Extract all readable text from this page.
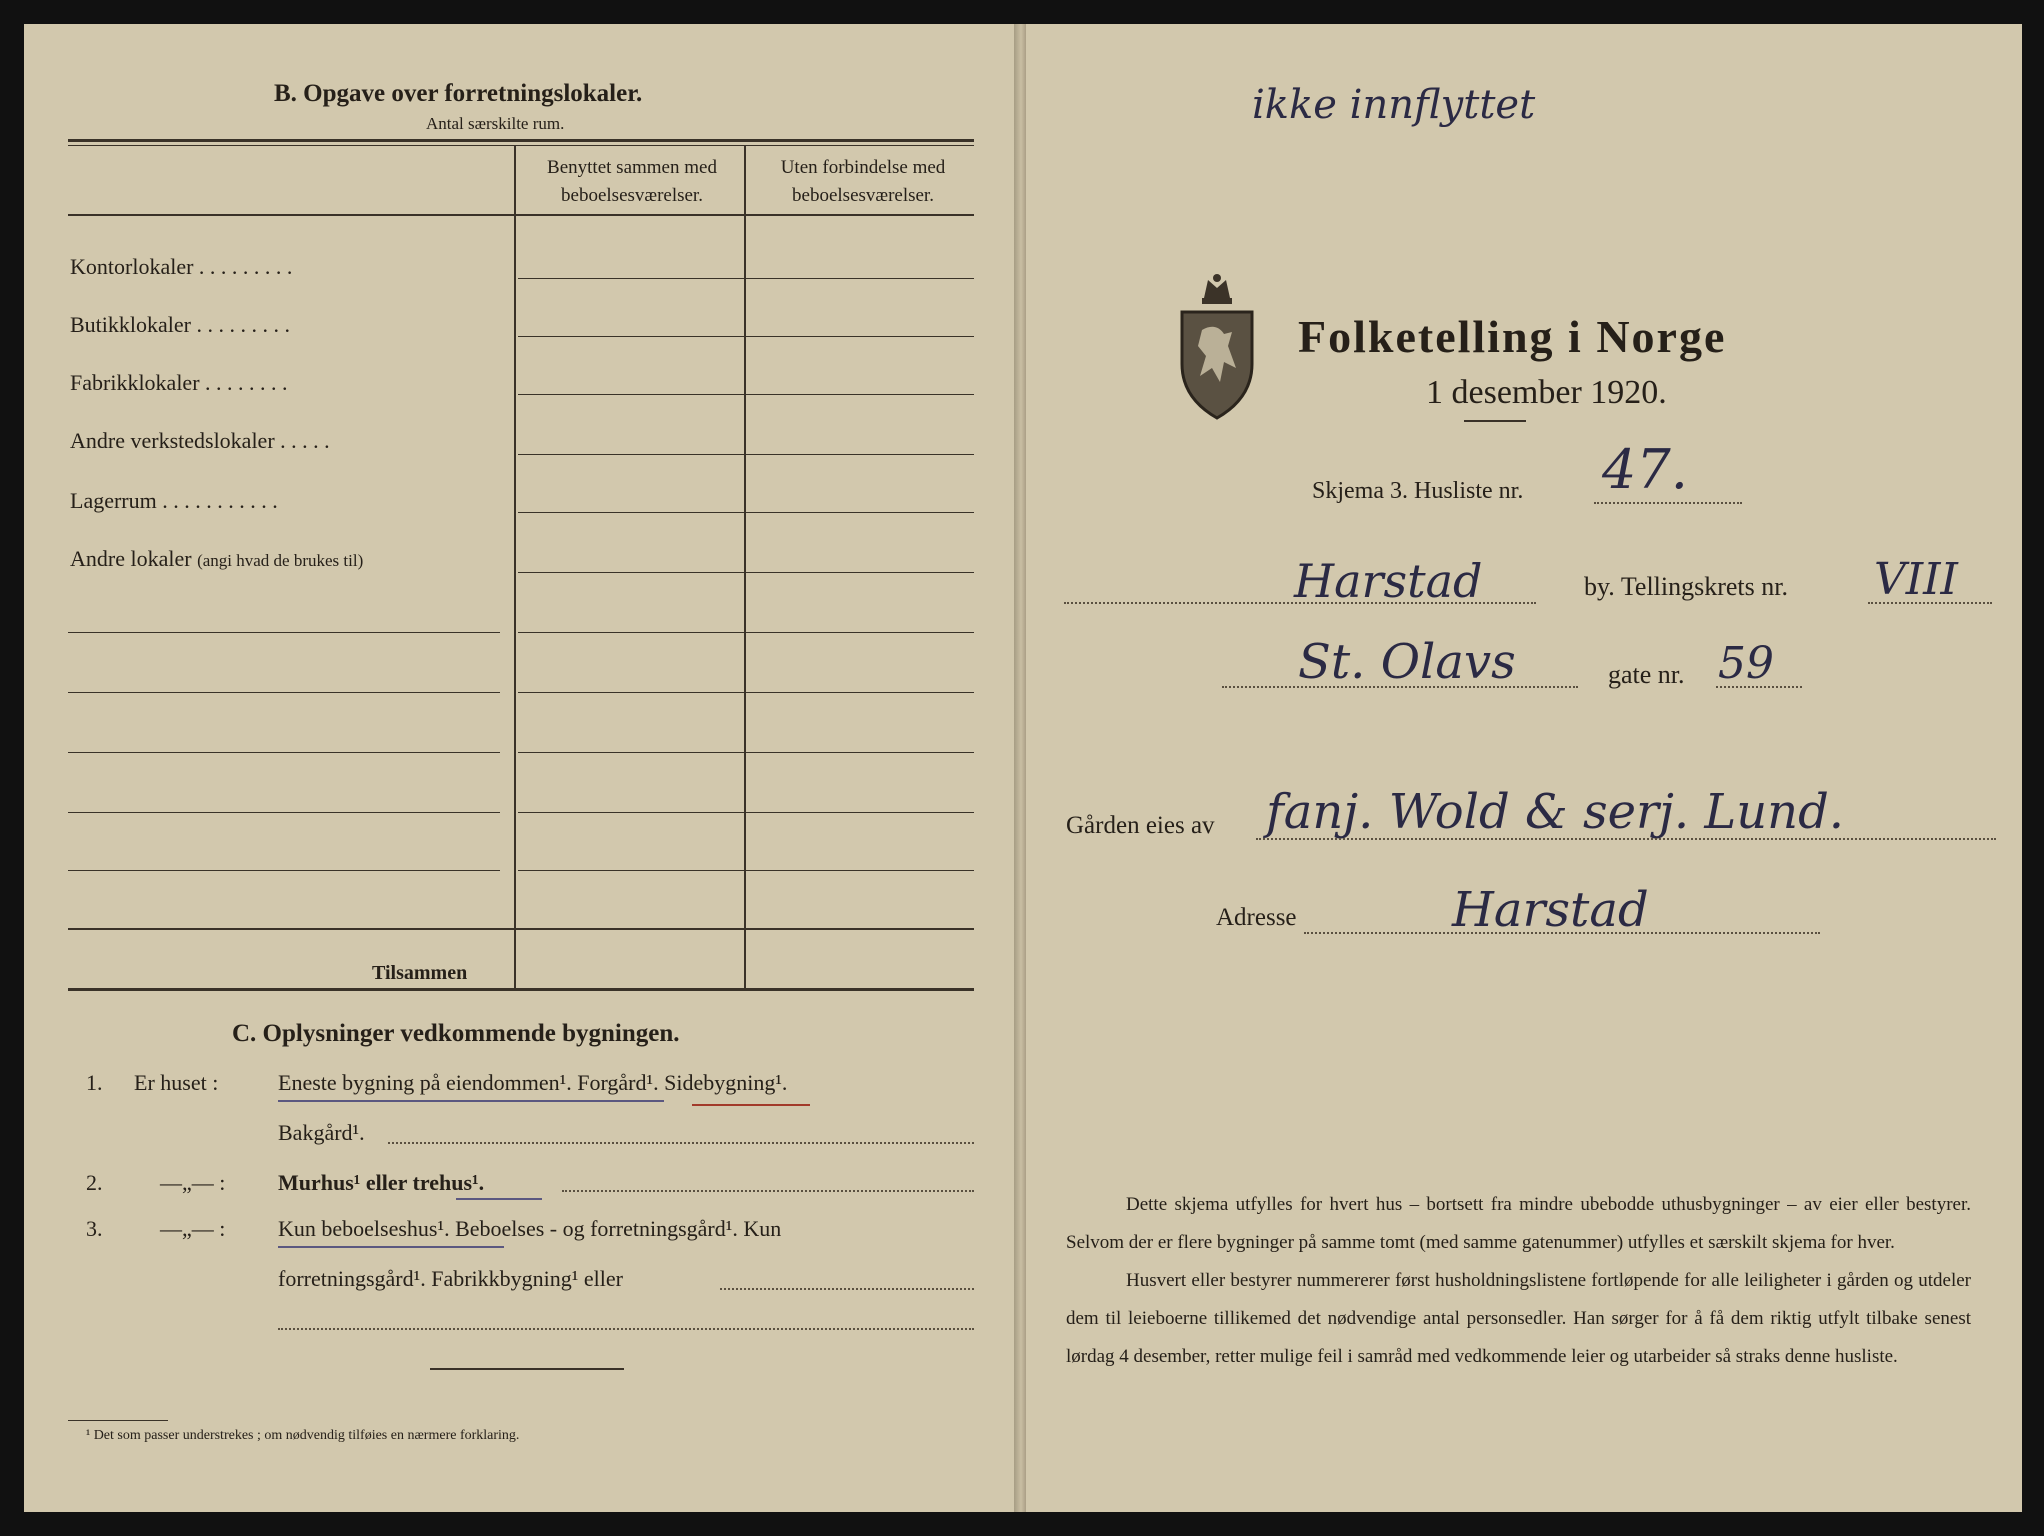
B. Opgave over forretningslokaler.
Antal særskilte rum.
Benyttet sammen med
beboelsesværelser.
Uten forbindelse med
beboelsesværelser.
Kontorlokaler . . . . . . . . .
Butikklokaler . . . . . . . . .
Fabrikklokaler . . . . . . . .
Andre verkstedslokaler . . . . .
Lagerrum . . . . . . . . . . .
Andre lokaler (angi hvad de brukes til)
Tilsammen
C. Oplysninger vedkommende bygningen.
1. Er huset :	Eneste bygning på eiendommen¹. Forgård¹. Sidebygning¹.
Bakgård¹.
2.	—„— : Murhus¹ eller trehus¹.
3.	—„— : Kun beboelseshus¹. Beboelses - og forretningsgård¹. Kun
forretningsgård¹. Fabrikkbygning¹ eller
¹ Det som passer understrekes ; om nødvendig tilføies en nærmere forklaring.
ikke innflyttet
Folketelling i Norge
1 desember 1920.
Skjema 3. Husliste nr. 47.
Harstad	by. Tellingskrets nr. VIII
St. Olavs	gate nr. 59
Gården eies av fanj. Wold & serj. Lund.
Adresse	Harstad

Dette skjema utfylles for hvert hus – bortsett fra mindre ubebodde uthusbygninger – av eier eller bestyrer. Selvom der er flere bygninger på samme tomt (med samme gatenummer) utfylles et særskilt skjema for hver.

Husvert eller bestyrer nummererer først husholdningslistene fortløpende for alle leiligheter i gården og utdeler dem til leieboerne tillikemed det nødvendige antal personsedler. Han sørger for å få dem riktig utfylt tilbake senest lørdag 4 desember, retter mulige feil i samråd med vedkommende leier og utarbeider så straks denne husliste.
